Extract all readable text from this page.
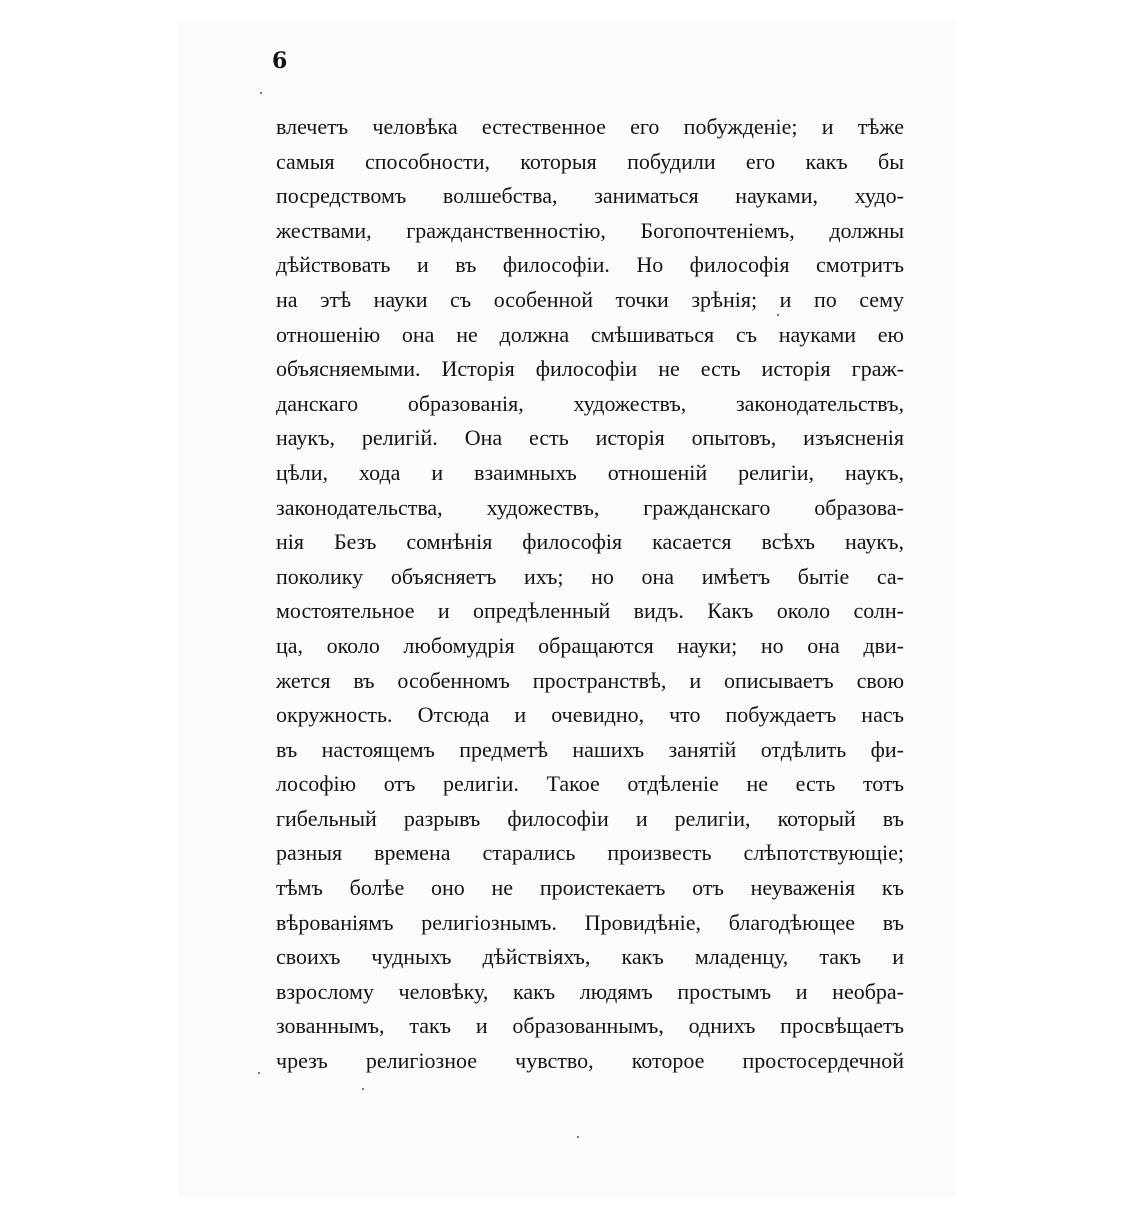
6
влечетъ человѣка естественное его побужденіе; и тѣже
самыя способности, которыя побудили его какъ бы
посредствомъ волшебства, заниматься науками, худо-
жествами, гражданственностію, Богопочтеніемъ, должны
дѣйствовать и въ философіи. Но философія смотритъ
на этѣ науки съ особенной точки зрѣнія; и по сему
отношенію она не должна смѣшиваться съ науками ею
объясняемыми. Исторія философіи не есть исторія граж-
данскаго образованія, художествъ, законодательствъ,
наукъ, религій. Она есть исторія опытовъ, изъясненія
цѣли, хода и взаимныхъ отношеній религіи, наукъ,
законодательства, художествъ, гражданскаго образова-
нія Безъ сомнѣнія философія касается всѣхъ наукъ,
поколику объясняетъ ихъ; но она имѣетъ бытіе са-
мостоятельное и опредѣленный видъ. Какъ около солн-
ца, около любомудрія обращаются науки; но она дви-
жется въ особенномъ пространствѣ, и описываетъ свою
окружность. Отсюда и очевидно, что побуждаетъ насъ
въ настоящемъ предметѣ нашихъ занятій отдѣлить фи-
лософію отъ религіи. Такое отдѣленіе не есть тотъ
гибельный разрывъ философіи и религіи, который въ
разныя времена старались произвесть слѣпотствующіе;
тѣмъ болѣе оно не проистекаетъ отъ неуваженія къ
вѣрованіямъ религіознымъ. Провидѣніе, благодѣющее въ
своихъ чудныхъ дѣйствіяхъ, какъ младенцу, такъ и
взрослому человѣку, какъ людямъ простымъ и необра-
зованнымъ, такъ и образованнымъ, однихъ просвѣщаетъ
чрезъ религіозное чувство, которое простосердечной
